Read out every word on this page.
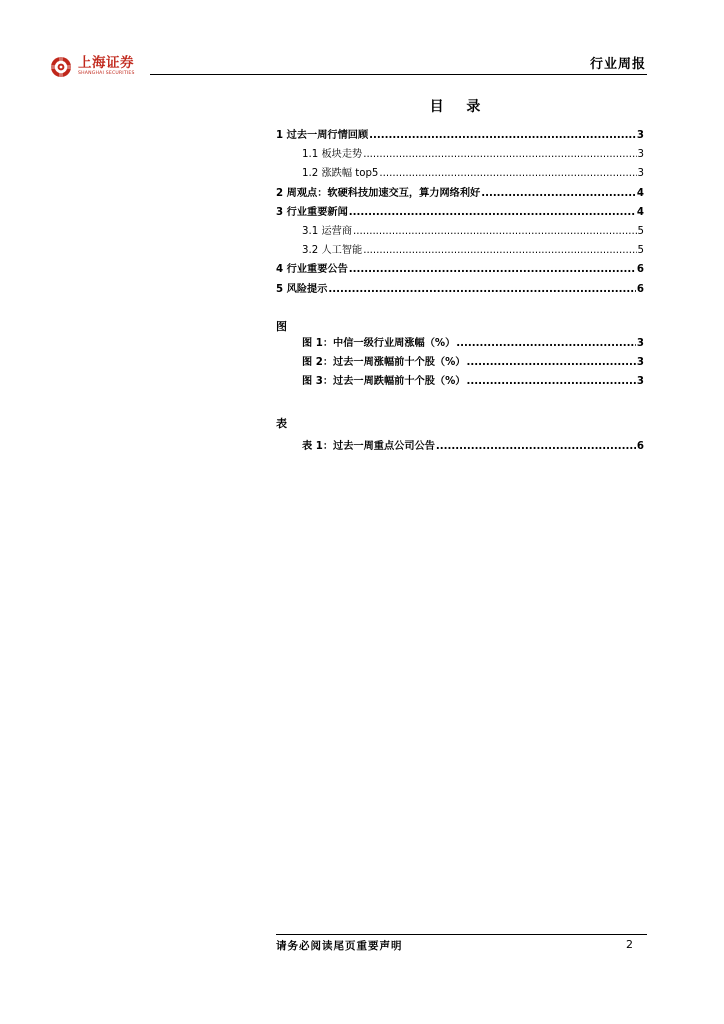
上海证券
SHANGHAI SECURITIES
行业周报
目 录
1 过去一周行情回顾 .....	3
1.1 板块走势 .....	3
1.2 涨跌幅 top5 .....	3
2 周观点：软硬科技加速交互，算力网络利好 .....	4
3 行业重要新闻 .....	4
3.1 运营商 .....	5
3.2 人工智能 .....	5
4 行业重要公告 .....	6
5 风险提示 .....	6
图
图 1：中信一级行业周涨幅（%） .....	3
图 2：过去一周涨幅前十个股（%） .....	3
图 3：过去一周跌幅前十个股（%） .....	3
表
表 1：过去一周重点公司公告 .....	6
请务必阅读尾页重要声明	2
